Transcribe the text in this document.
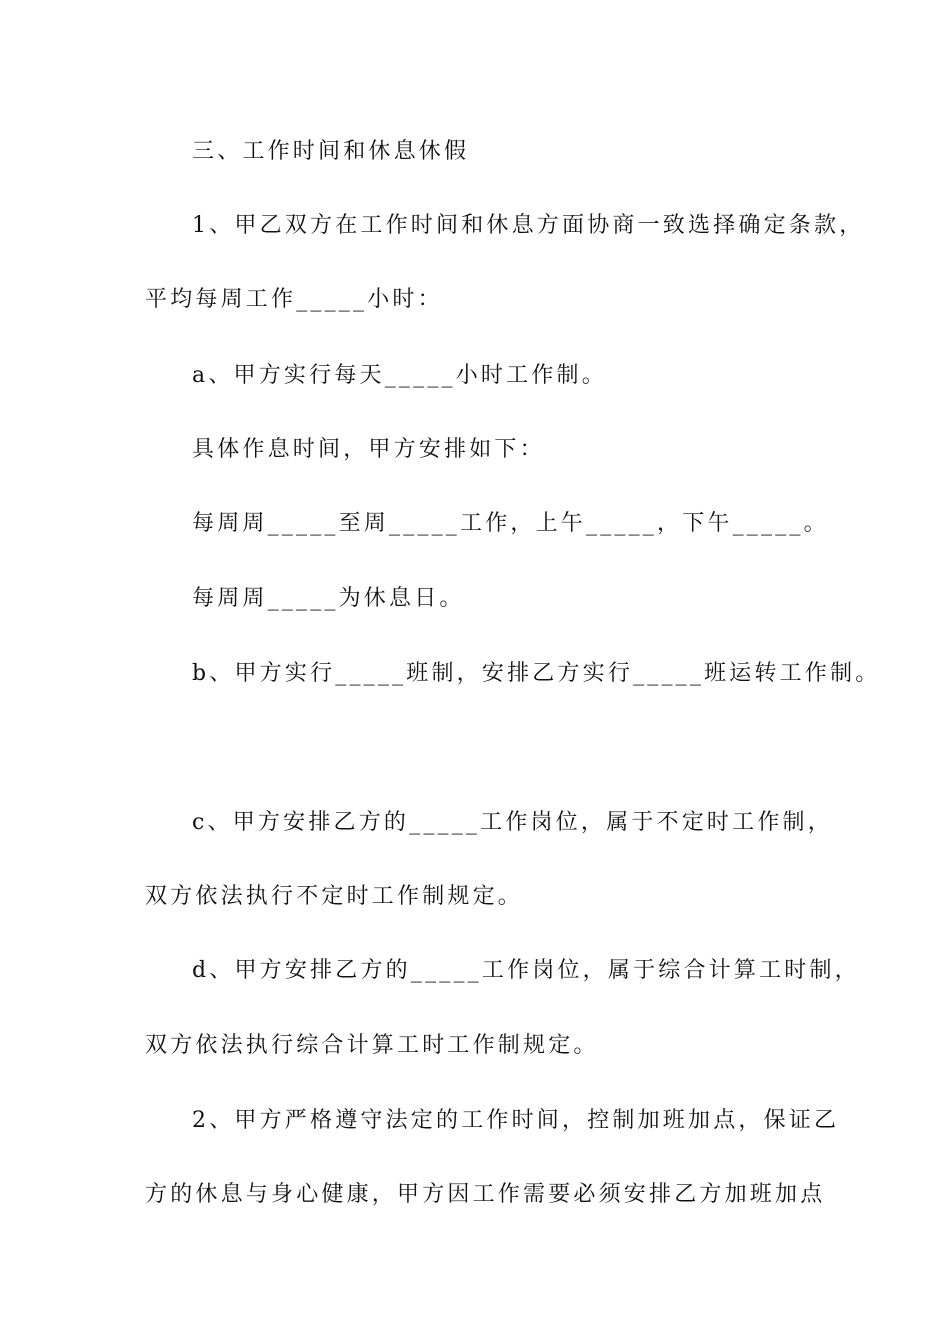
三、工作时间和休息休假

1、甲乙双方在工作时间和休息方面协商一致选择确定条款，

平均每周工作_____小时：

a、甲方实行每天_____小时工作制。

具体作息时间，甲方安排如下：

每周周_____至周_____工作，上午_____，下午_____。

每周周_____为休息日。

b、甲方实行_____班制，安排乙方实行_____班运转工作制。

c、甲方安排乙方的_____工作岗位，属于不定时工作制，

双方依法执行不定时工作制规定。

d、甲方安排乙方的_____工作岗位，属于综合计算工时制，

双方依法执行综合计算工时工作制规定。

2、甲方严格遵守法定的工作时间，控制加班加点，保证乙

方的休息与身心健康，甲方因工作需要必须安排乙方加班加点
